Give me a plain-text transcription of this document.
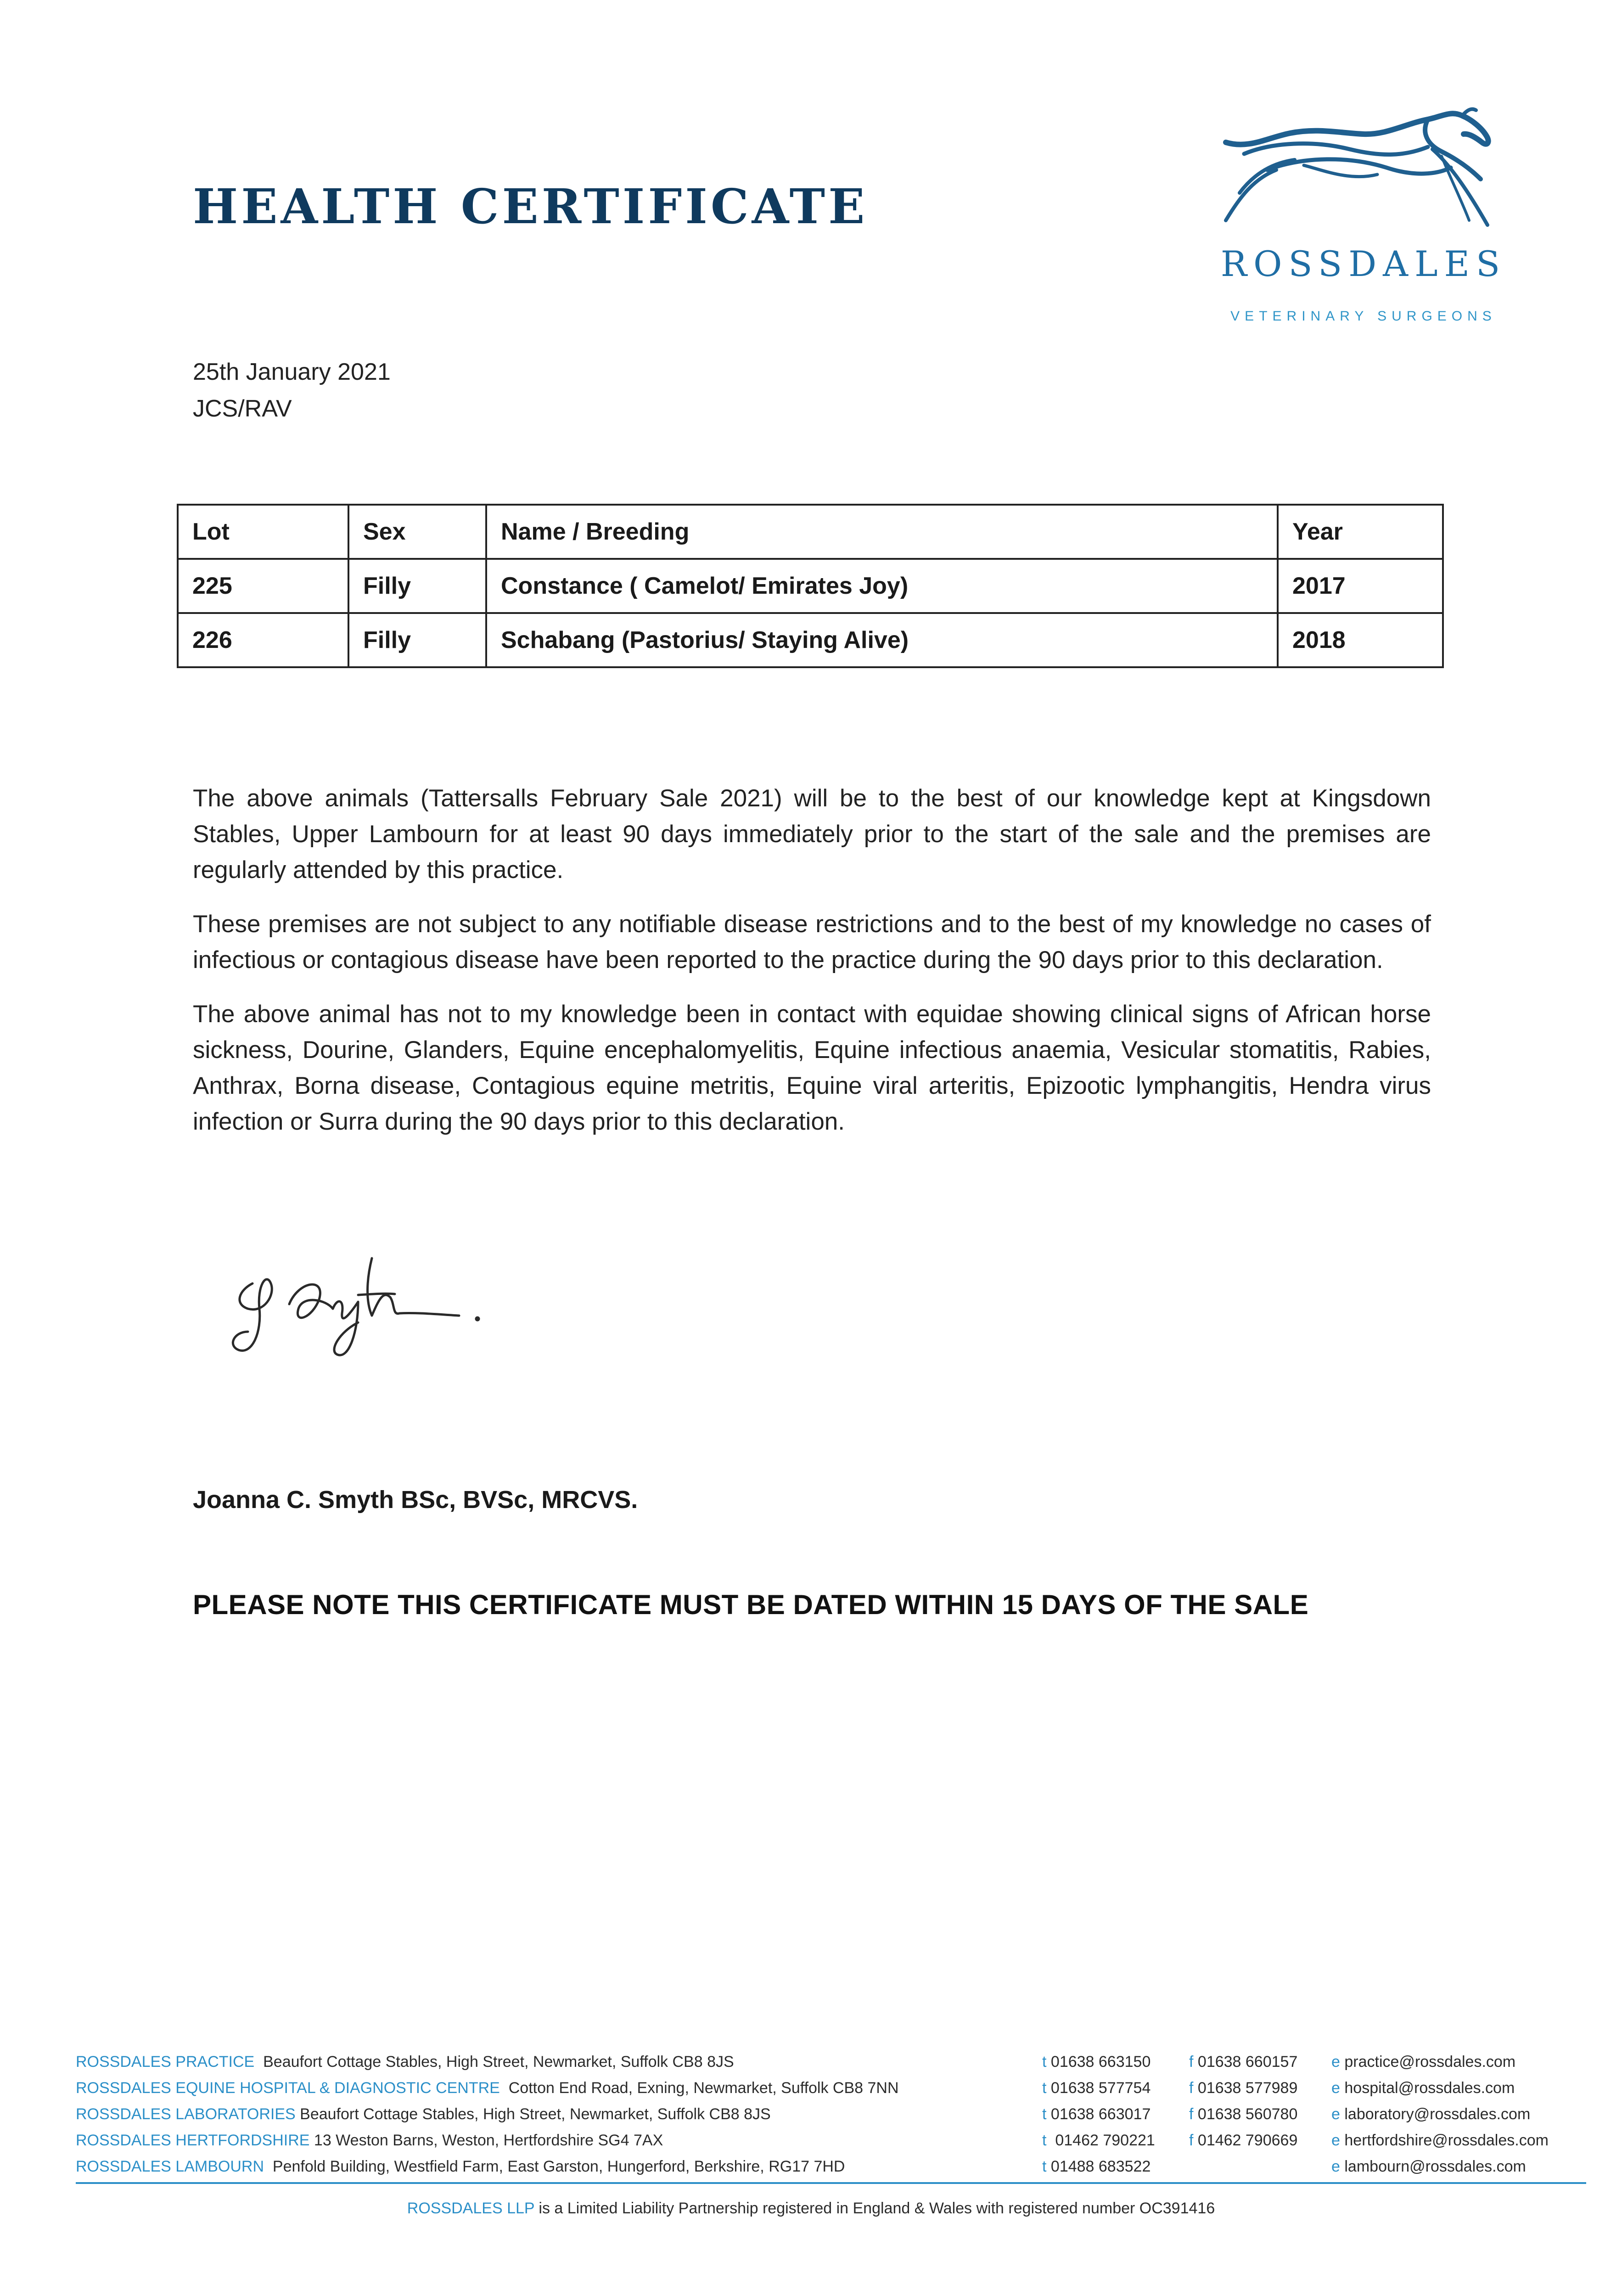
HEALTH CERTIFICATE
ROSSDALES
VETERINARY SURGEONS
25th January 2021
JCS/RAV
Lot	Sex	Name / Breeding	Year
225	Filly	Constance ( Camelot/ Emirates Joy)	2017
226	Filly	Schabang (Pastorius/ Staying Alive)	2018

The above animals (Tattersalls February Sale 2021) will be to the best of our knowledge kept at Kingsdown Stables, Upper Lambourn for at least 90 days immediately prior to the start of the sale and the premises are regularly attended by this practice.

These premises are not subject to any notifiable disease restrictions and to the best of my knowledge no cases of infectious or contagious disease have been reported to the practice during the 90 days prior to this declaration.

The above animal has not to my knowledge been in contact with equidae showing clinical signs of African horse sickness, Dourine, Glanders, Equine encephalomyelitis, Equine infectious anaemia, Vesicular stomatitis, Rabies, Anthrax, Borna disease, Contagious equine metritis, Equine viral arteritis, Epizootic lymphangitis, Hendra virus infection or Surra during the 90 days prior to this declaration.

Joanna C. Smyth BSc, BVSc, MRCVS.
PLEASE NOTE THIS CERTIFICATE MUST BE DATED WITHIN 15 DAYS OF THE SALE
ROSSDALES PRACTICE Beaufort Cottage Stables, High Street, Newmarket, Suffolk CB8 8JS	t 01638 663150 f 01638 660157 e practice@rossdales.com
ROSSDALES EQUINE HOSPITAL & DIAGNOSTIC CENTRE Cotton End Road, Exning, Newmarket, Suffolk CB8 7NN	t 01638 577754 f 01638 577989 e hospital@rossdales.com
ROSSDALES LABORATORIES Beaufort Cottage Stables, High Street, Newmarket, Suffolk CB8 8JS	t 01638 663017 f 01638 560780 e laboratory@rossdales.com
ROSSDALES HERTFORDSHIRE 13 Weston Barns, Weston, Hertfordshire SG4 7AX	t 01462 790221 f 01462 790669 e hertfordshire@rossdales.com
ROSSDALES LAMBOURN Penfold Building, Westfield Farm, East Garston, Hungerford, Berkshire, RG17 7HD	t 01488 683522	e lambourn@rossdales.com
ROSSDALES LLP is a Limited Liability Partnership registered in England & Wales with registered number OC391416
